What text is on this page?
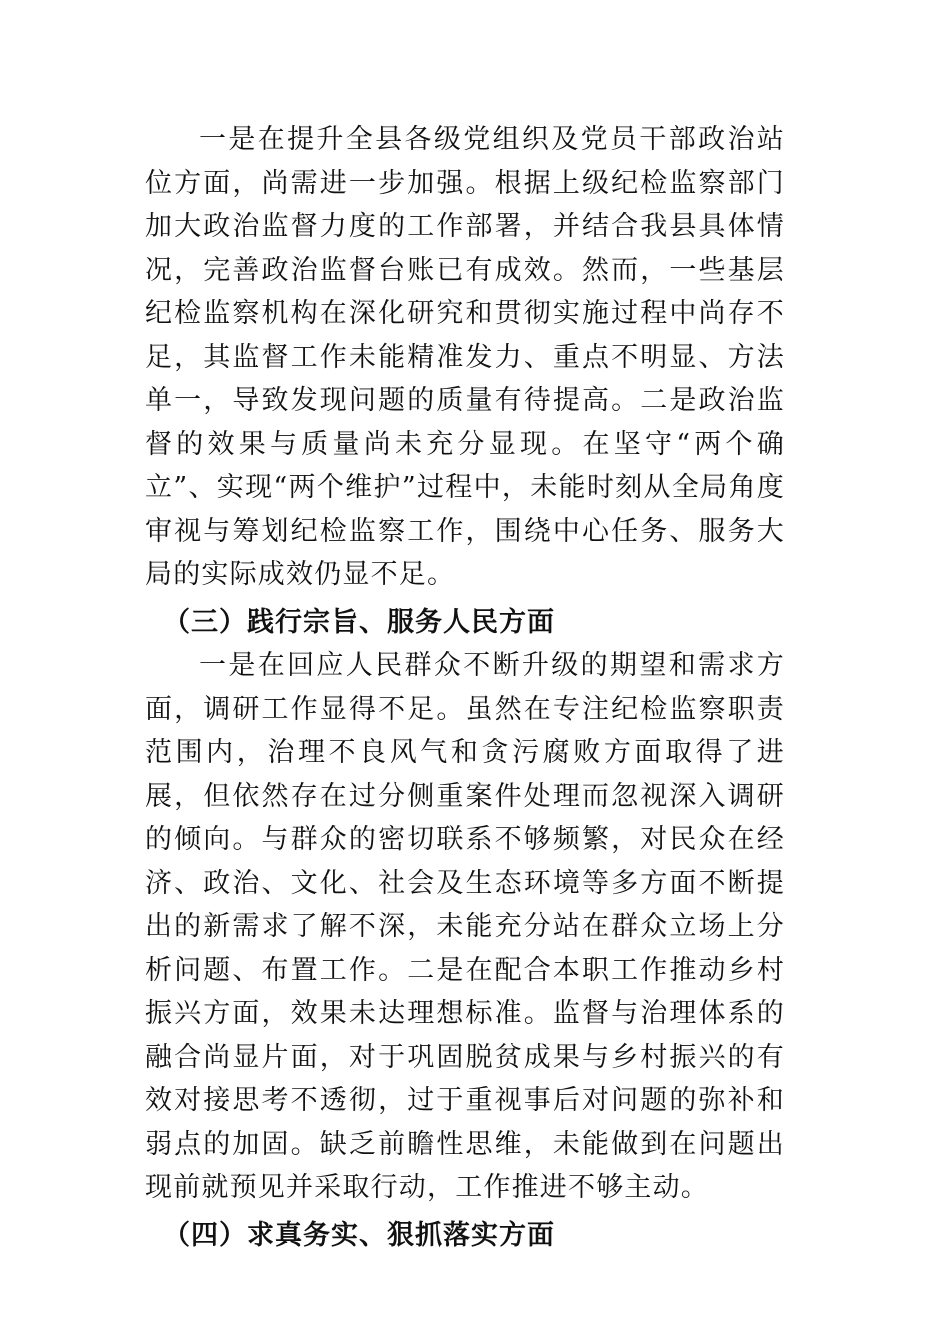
一是在提升全县各级党组织及党员干部政治站位方面，尚需进一步加强。根据上级纪检监察部门加大政治监督力度的工作部署，并结合我县具体情况，完善政治监督台账已有成效。然而，一些基层纪检监察机构在深化研究和贯彻实施过程中尚存不足，其监督工作未能精准发力、重点不明显、方法单一，导致发现问题的质量有待提高。二是政治监督的效果与质量尚未充分显现。在坚守“两个确立”、实现“两个维护”过程中，未能时刻从全局角度审视与筹划纪检监察工作，围绕中心任务、服务大局的实际成效仍显不足。

（三）践行宗旨、服务人民方面

一是在回应人民群众不断升级的期望和需求方面，调研工作显得不足。虽然在专注纪检监察职责范围内，治理不良风气和贪污腐败方面取得了进展，但依然存在过分侧重案件处理而忽视深入调研的倾向。与群众的密切联系不够频繁，对民众在经济、政治、文化、社会及生态环境等多方面不断提出的新需求了解不深，未能充分站在群众立场上分析问题、布置工作。二是在配合本职工作推动乡村振兴方面，效果未达理想标准。监督与治理体系的融合尚显片面，对于巩固脱贫成果与乡村振兴的有效对接思考不透彻，过于重视事后对问题的弥补和弱点的加固。缺乏前瞻性思维，未能做到在问题出现前就预见并采取行动，工作推进不够主动。

（四）求真务实、狠抓落实方面
